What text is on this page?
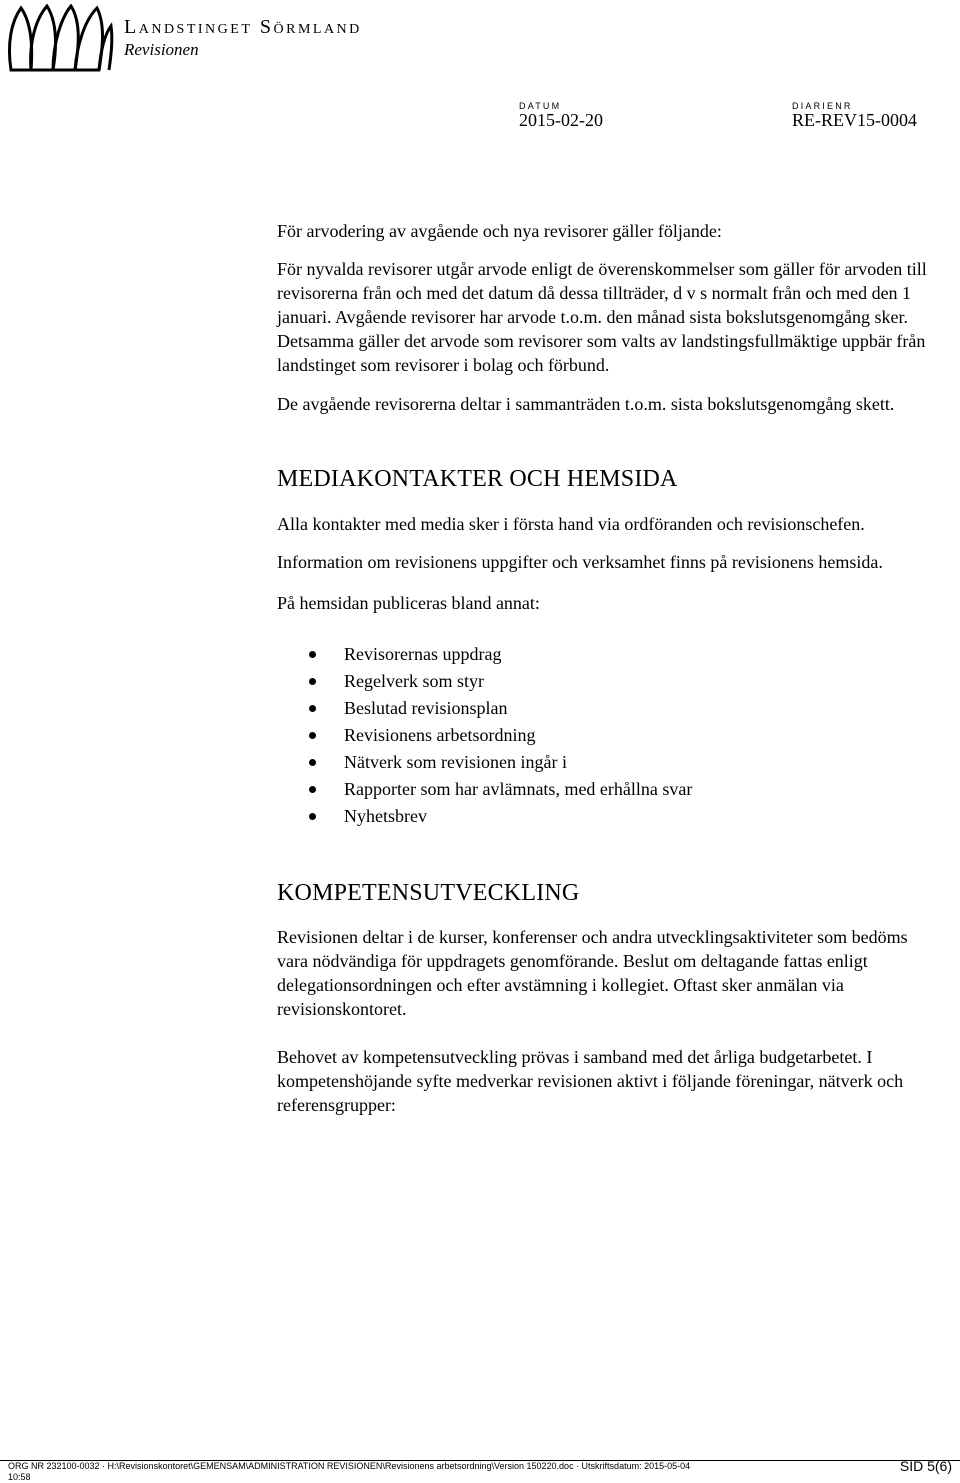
Landstinget Sörmland
Revisionen
DATUM
2015-02-20
DIARIENR
RE-REV15-0004

För arvodering av avgående och nya revisorer gäller följande:

För nyvalda revisorer utgår arvode enligt de överenskommelser som gäller för arvoden till revisorerna från och med det datum då dessa tillträder, d v s normalt från och med den 1 januari. Avgående revisorer har arvode t.o.m. den månad sista bokslutsgenomgång sker. Detsamma gäller det arvode som revisorer som valts av landstingsfullmäktige uppbär från landstinget som revisorer i bolag och förbund.

De avgående revisorerna deltar i sammanträden t.o.m. sista bokslutsgenomgång skett.

MEDIAKONTAKTER OCH HEMSIDA

Alla kontakter med media sker i första hand via ordföranden och revisionschefen.

Information om revisionens uppgifter och verksamhet finns på revisionens hemsida.

På hemsidan publiceras bland annat:

Revisorernas uppdrag
Regelverk som styr
Beslutad revisionsplan
Revisionens arbetsordning
Nätverk som revisionen ingår i
Rapporter som har avlämnats, med erhållna svar
Nyhetsbrev
KOMPETENSUTVECKLING

Revisionen deltar i de kurser, konferenser och andra utvecklingsaktiviteter som bedöms vara nödvändiga för uppdragets genomförande. Beslut om deltagande fattas enligt delegationsordningen och efter avstämning i kollegiet. Oftast sker anmälan via revisionskontoret.

Behovet av kompetensutveckling prövas i samband med det årliga budgetarbetet. I kompetenshöjande syfte medverkar revisionen aktivt i följande föreningar, nätverk och referensgrupper:

ORG NR 232100-0032 · H:\Revisionskontoret\GEMENSAM\ADMINISTRATION REVISIONEN\Revisionens arbetsordning\Version 150220.doc · Utskriftsdatum: 2015-05-04 10:58
SID 5(6)
